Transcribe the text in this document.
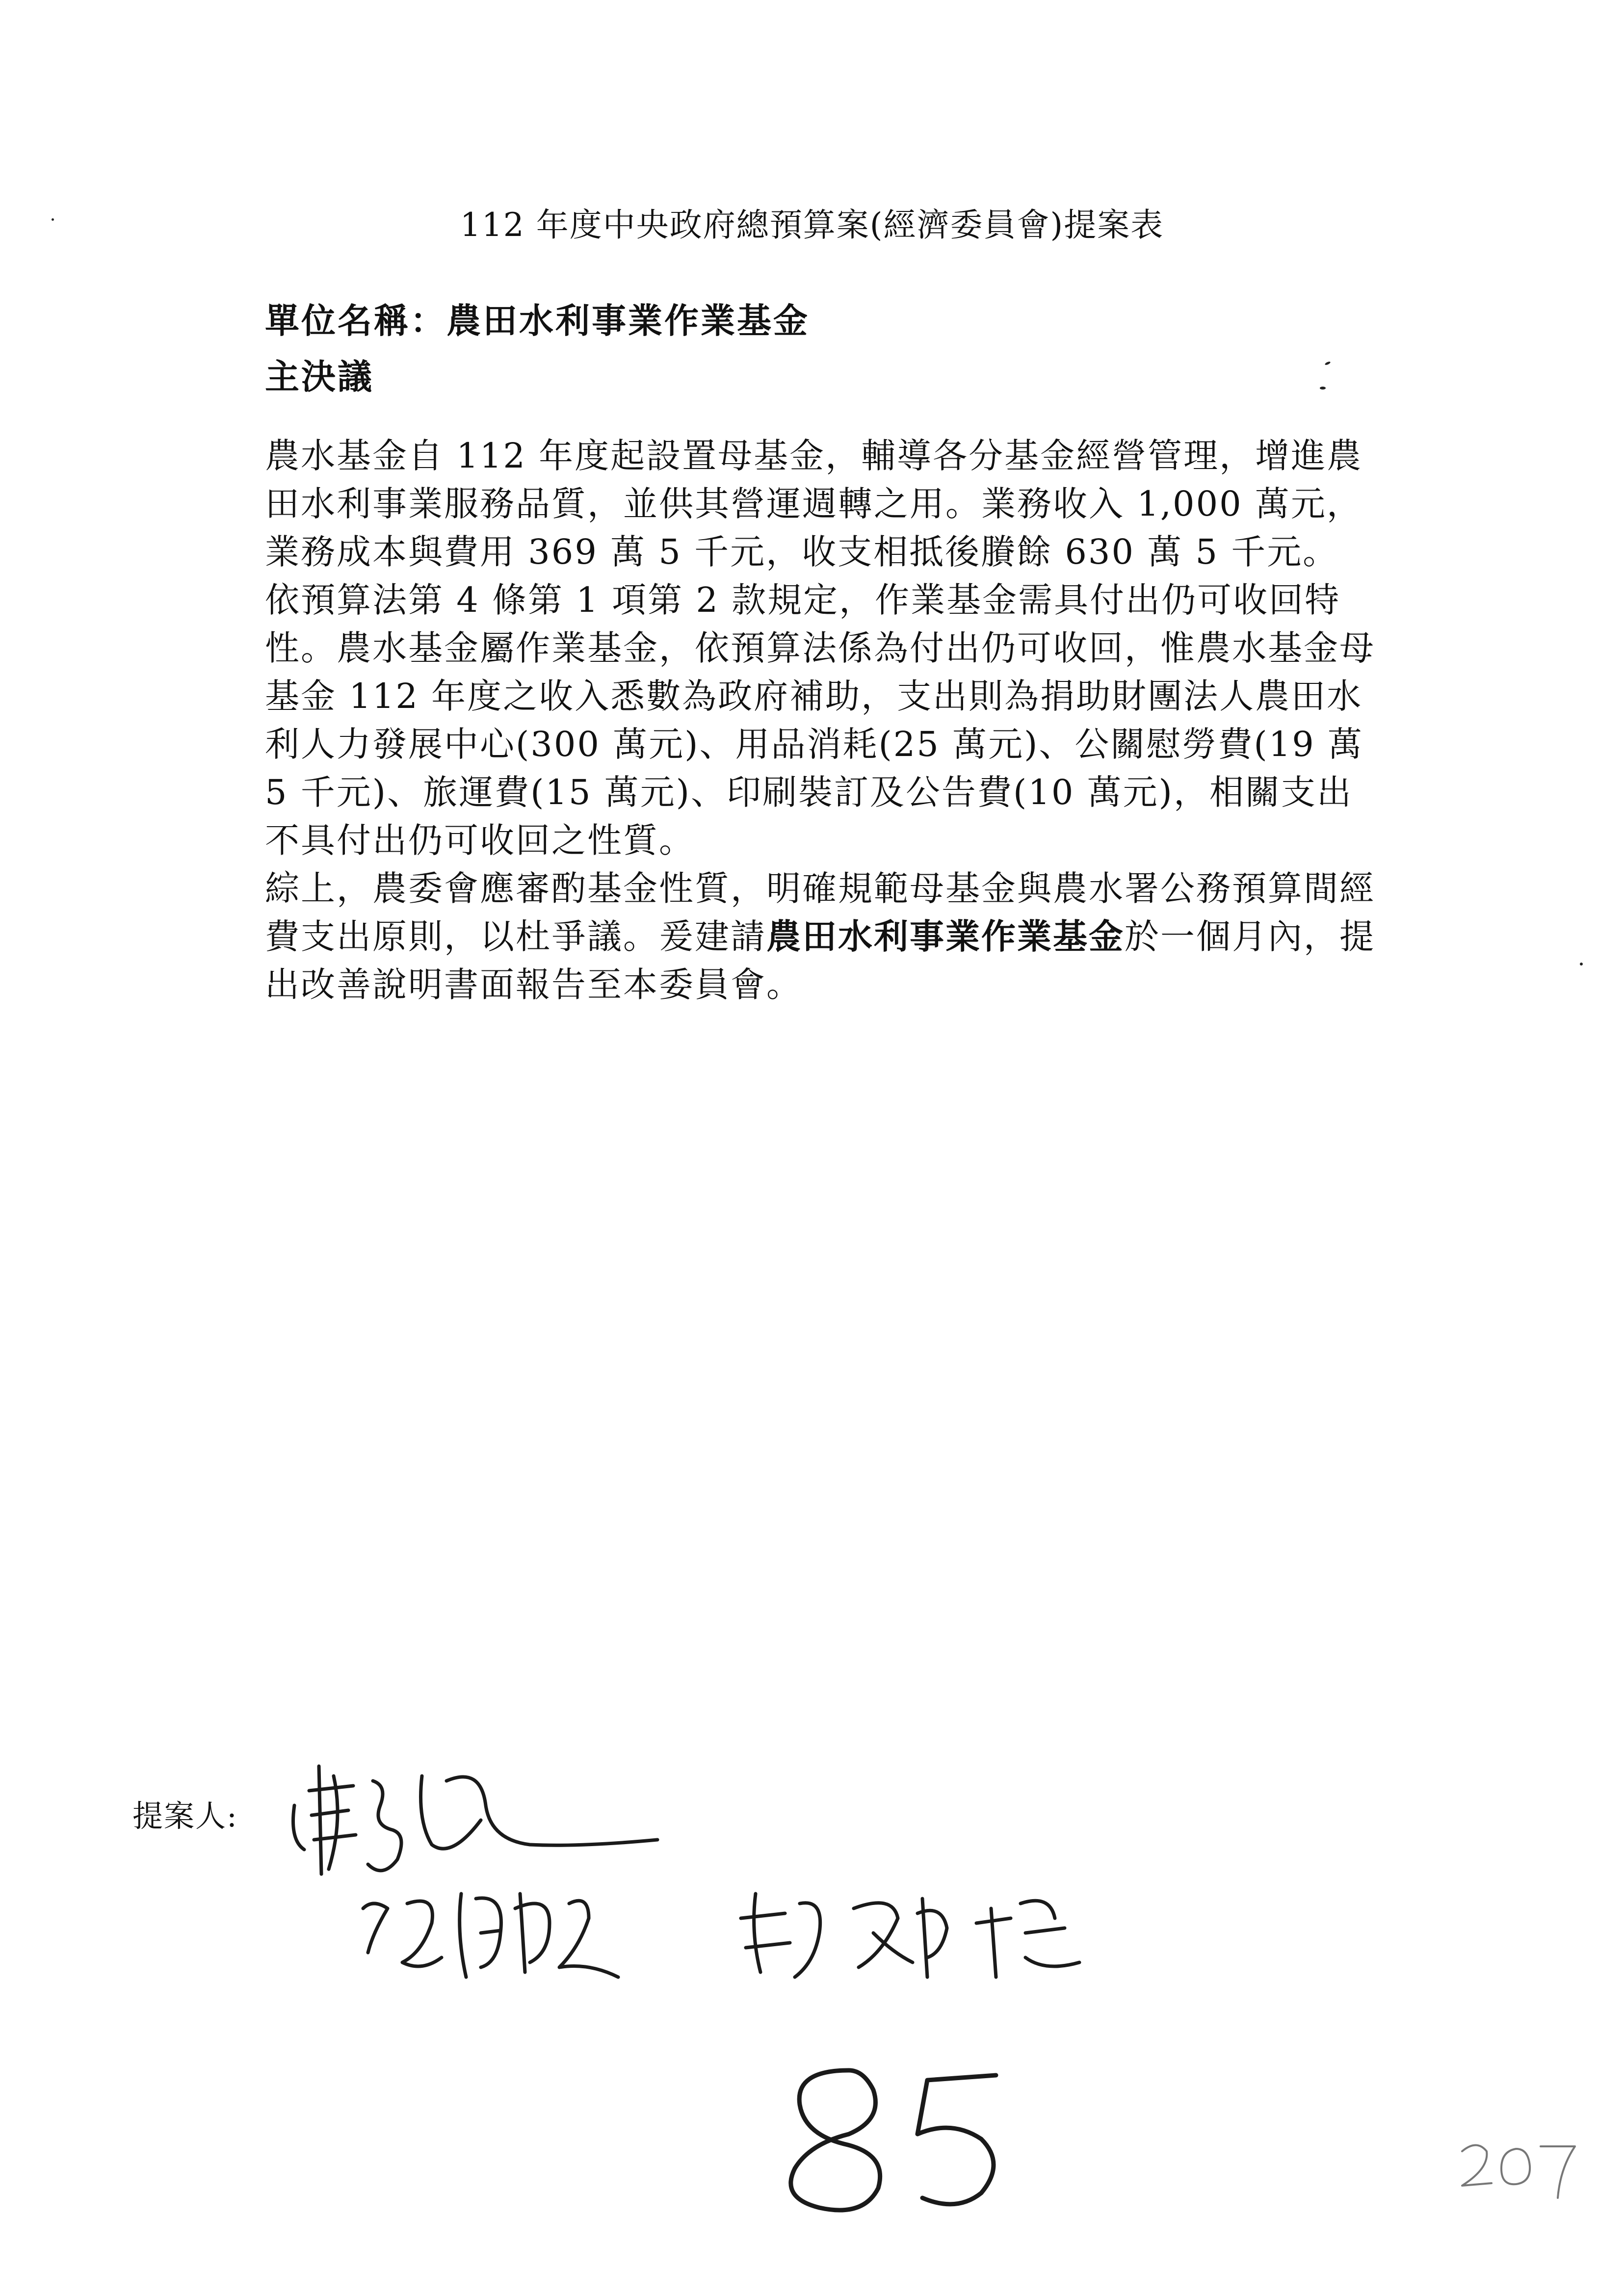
112 年度中央政府總預算案(經濟委員會)提案表
單位名稱：農田水利事業作業基金
主決議

農水基金自 112 年度起設置母基金，輔導各分基金經營管理，增進農田水利事業服務品質，並供其營運週轉之用。業務收入 1,000 萬元，業務成本與費用 369 萬 5 千元，收支相抵後賸餘 630 萬 5 千元。

依預算法第 4 條第 1 項第 2 款規定，作業基金需具付出仍可收回特性。農水基金屬作業基金，依預算法係為付出仍可收回，惟農水基金母基金 112 年度之收入悉數為政府補助，支出則為捐助財團法人農田水利人力發展中心(300 萬元)、用品消耗(25 萬元)、公關慰勞費(19 萬 5 千元)、旅運費(15 萬元)、印刷裝訂及公告費(10 萬元)，相關支出不具付出仍可收回之性質。

綜上，農委會應審酌基金性質，明確規範母基金與農水署公務預算間經費支出原則，以杜爭議。爰建請農田水利事業作業基金於一個月內，提出改善說明書面報告至本委員會。

提案人:
